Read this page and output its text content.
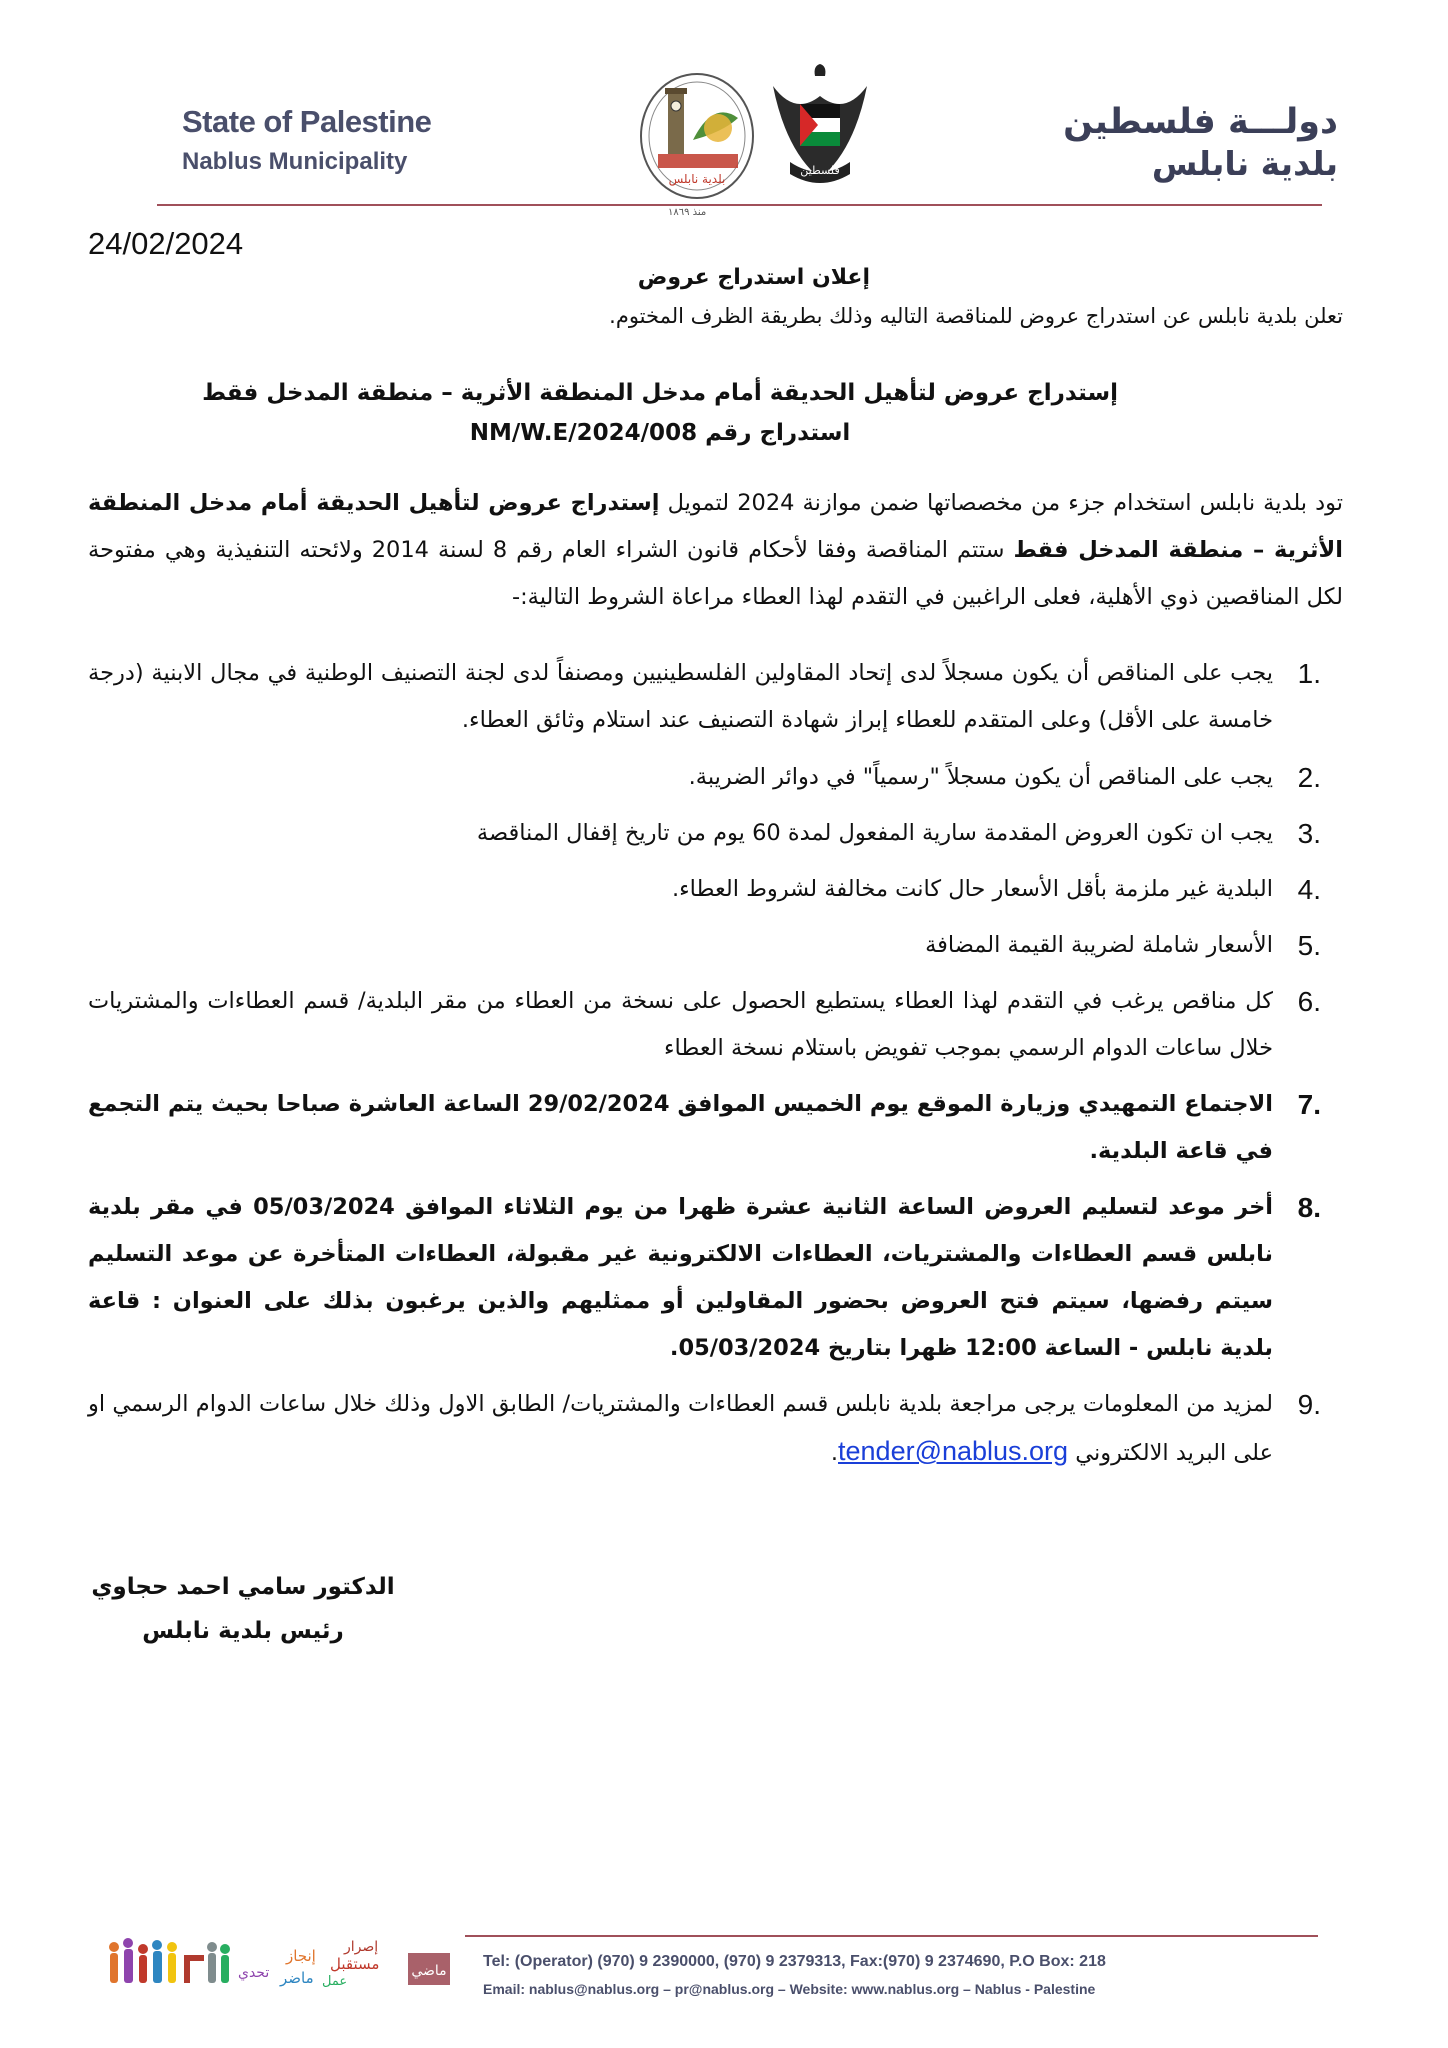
State of Palestine
Nablus Municipality
بلدية نابلس
فلسطين
دولـــة فلسطين
بلدية نابلس
منذ ١٨٦٩
24/02/2024
إعلان استدراج عروض
تعلن بلدية نابلس عن استدراج عروض للمناقصة التاليه وذلك بطريقة الظرف المختوم.
إستدراج عروض لتأهيل الحديقة أمام مدخل المنطقة الأثرية – منطقة المدخل فقط
استدراج رقم NM/W.E/2024/008
تود بلدية نابلس استخدام جزء من مخصصاتها ضمن موازنة 2024 لتمويل إستدراج عروض لتأهيل الحديقة أمام مدخل المنطقة الأثرية – منطقة المدخل فقط ستتم المناقصة وفقا لأحكام قانون الشراء العام رقم 8 لسنة 2014 ولائحته التنفيذية وهي مفتوحة لكل المناقصين ذوي الأهلية، فعلى الراغبين في التقدم لهذا العطاء مراعاة الشروط التالية:-
1.
يجب على المناقص أن يكون مسجلاً لدى إتحاد المقاولين الفلسطينيين ومصنفاً لدى لجنة التصنيف الوطنية في مجال الابنية (درجة خامسة على الأقل) وعلى المتقدم للعطاء إبراز شهادة التصنيف عند استلام وثائق العطاء.
2.
يجب على المناقص أن يكون مسجلاً "رسمياً" في دوائر الضريبة.
3.
يجب ان تكون العروض المقدمة سارية المفعول لمدة 60 يوم من تاريخ إقفال المناقصة
4.
البلدية غير ملزمة بأقل الأسعار حال كانت مخالفة لشروط العطاء.
5.
الأسعار شاملة لضريبة القيمة المضافة
6.
كل مناقص يرغب في التقدم لهذا العطاء يستطيع الحصول على نسخة من العطاء من مقر البلدية/ قسم العطاءات والمشتريات خلال ساعات الدوام الرسمي بموجب تفويض باستلام نسخة العطاء
7.
الاجتماع التمهيدي وزيارة الموقع يوم الخميس الموافق 29/02/2024 الساعة العاشرة صباحا بحيث يتم التجمع في قاعة البلدية.
8.
أخر موعد لتسليم العروض الساعة الثانية عشرة ظهرا من يوم الثلاثاء الموافق 05/03/2024 في مقر بلدية نابلس قسم العطاءات والمشتريات، العطاءات الالكترونية غير مقبولة، العطاءات المتأخرة عن موعد التسليم سيتم رفضها، سيتم فتح العروض بحضور المقاولين أو ممثليهم والذين يرغبون بذلك على العنوان : قاعة بلدية نابلس - الساعة 12:00 ظهرا بتاريخ 05/03/2024.
9.
لمزيد من المعلومات يرجى مراجعة بلدية نابلس قسم العطاءات والمشتريات/ الطابق الاول وذلك خلال ساعات الدوام الرسمي او على البريد الالكتروني tender@nablus.org.
الدكتور سامي احمد حجاوي
رئيس بلدية نابلس
تحدي ماضر
إنجاز
عمل
مستقبل
إصرار
ماضي
Tel: (Operator) (970) 9 2390000, (970) 9 2379313, Fax:(970) 9 2374690, P.O Box: 218
Email: nablus@nablus.org – pr@nablus.org – Website: www.nablus.org – Nablus - Palestine
